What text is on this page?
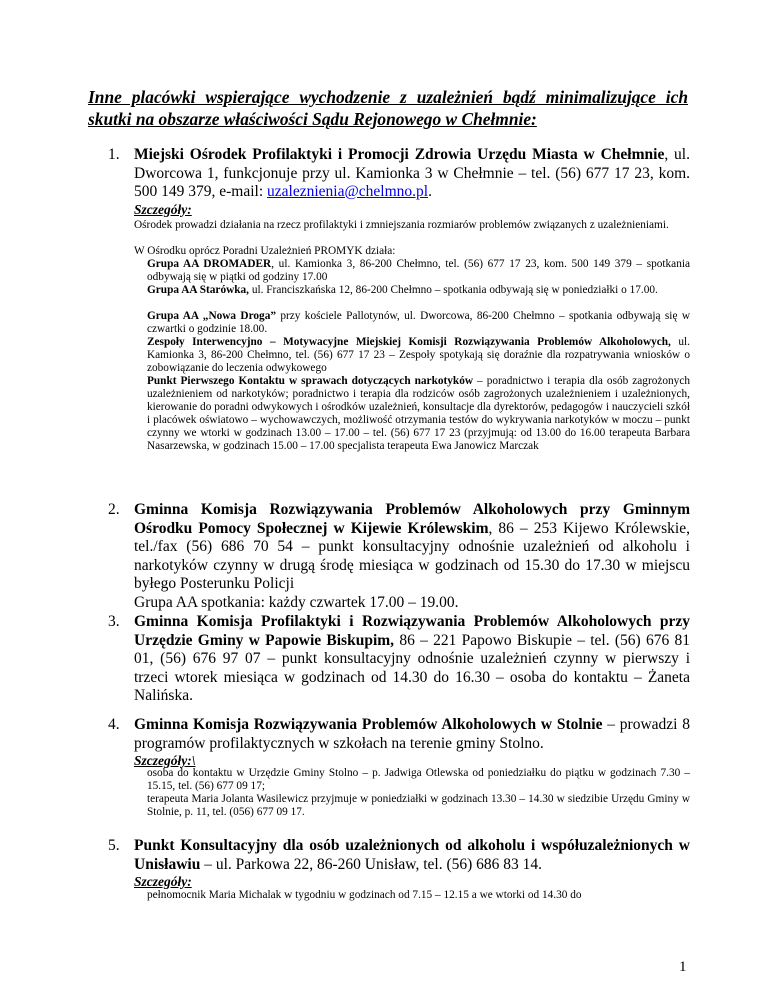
Inne placówki wspierające wychodzenie z uzależnień bądź minimalizujące ich skutki na obszarze właściwości Sądu Rejonowego w Chełmnie:
1. Miejski Ośrodek Profilaktyki i Promocji Zdrowia Urzędu Miasta w Chełmnie, ul. Dworcowa 1, funkcjonuje przy ul. Kamionka 3 w Chełmnie – tel. (56) 677 17 23, kom. 500 149 379, e-mail: uzaleznienia@chelmno.pl.
Szczegóły:
Ośrodek prowadzi działania na rzecz profilaktyki i zmniejszania rozmiarów problemów związanych z uzależnieniami.
W Ośrodku oprócz Poradni Uzależnień PROMYK działa:
Grupa AA DROMADER, ul. Kamionka 3, 86-200 Chełmno, tel. (56) 677 17 23, kom. 500 149 379 – spotkania odbywają się w piątki od godziny 17.00
Grupa AA Starówka, ul. Franciszkańska 12, 86-200 Chełmno – spotkania odbywają się w poniedziałki o 17.00.
Grupa AA „Nowa Droga” przy kościele Pallotynów, ul. Dworcowa, 86-200 Chełmno – spotkania odbywają się w czwartki o godzinie 18.00.
Zespoły Interwencyjno – Motywacyjne Miejskiej Komisji Rozwiązywania Problemów Alkoholowych, ul. Kamionka 3, 86-200 Chełmno, tel. (56) 677 17 23 – Zespoły spotykają się doraźnie dla rozpatrywania wniosków o zobowiązanie do leczenia odwykowego
Punkt Pierwszego Kontaktu w sprawach dotyczących narkotyków – poradnictwo i terapia dla osób zagrożonych uzależnieniem od narkotyków; poradnictwo i terapia dla rodziców osób zagrożonych uzależnieniem i uzależnionych, kierowanie do poradni odwykowych i ośrodków uzależnień, konsultacje dla dyrektorów, pedagogów i nauczycieli szkół i placówek oświatowo – wychowawczych, możliwość otrzymania testów do wykrywania narkotyków w moczu – punkt czynny we wtorki w godzinach 13.00 – 17.00 – tel. (56) 677 17 23 (przyjmują: od 13.00 do 16.00 terapeuta Barbara Nasarzewska, w godzinach 15.00 – 17.00 specjalista terapeuta Ewa Janowicz Marczak
2. Gminna Komisja Rozwiązywania Problemów Alkoholowych przy Gminnym Ośrodku Pomocy Społecznej w Kijewie Królewskim, 86 – 253 Kijewo Królewskie, tel./fax (56) 686 70 54 – punkt konsultacyjny odnośnie uzależnień od alkoholu i narkotyków czynny w drugą środę miesiąca w godzinach od 15.30 do 17.30 w miejscu byłego Posterunku Policji
Grupa AA spotkania: każdy czwartek 17.00 – 19.00.
3. Gminna Komisja Profilaktyki i Rozwiązywania Problemów Alkoholowych przy Urzędzie Gminy w Papowie Biskupim, 86 – 221 Papowo Biskupie – tel. (56) 676 81 01, (56) 676 97 07 – punkt konsultacyjny odnośnie uzależnień czynny w pierwszy i trzeci wtorek miesiąca w godzinach od 14.30 do 16.30 – osoba do kontaktu – Żaneta Nalińska.
4. Gminna Komisja Rozwiązywania Problemów Alkoholowych w Stolnie – prowadzi 8 programów profilaktycznych w szkołach na terenie gminy Stolno.
Szczegóły:\
osoba do kontaktu w Urzędzie Gminy Stolno – p. Jadwiga Otlewska od poniedziałku do piątku w godzinach 7.30 – 15.15, tel. (56) 677 09 17;
terapeuta Maria Jolanta Wasilewicz przyjmuje w poniedziałki w godzinach 13.30 – 14.30 w siedzibie Urzędu Gminy w Stolnie, p. 11, tel. (056) 677 09 17.
5. Punkt Konsultacyjny dla osób uzależnionych od alkoholu i współuzależnionych w Unisławiu – ul. Parkowa 22, 86-260 Unisław, tel. (56) 686 83 14.
Szczegóły:
pełnomocnik Maria Michalak w tygodniu w godzinach od 7.15 – 12.15 a we wtorki od 14.30 do
1
